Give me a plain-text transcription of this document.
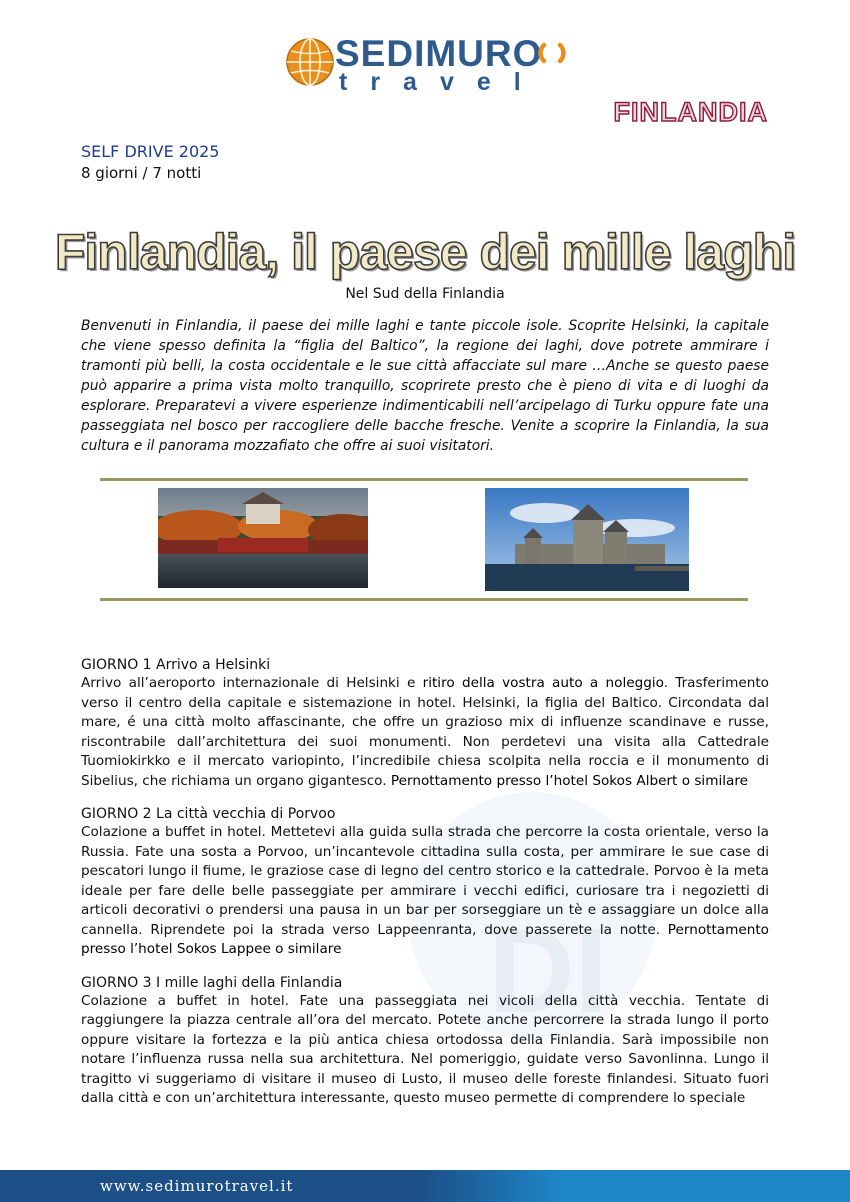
SEDIMURO
travel
FINLANDIA
SELF DRIVE 2025
8 giorni / 7 notti
Finlandia, il paese dei mille laghi
Nel Sud della Finlandia

Benvenuti in Finlandia, il paese dei mille laghi e tante piccole isole. Scoprite Helsinki, la capitale che viene spesso definita la “figlia del Baltico”, la regione dei laghi, dove potrete ammirare i tramonti più belli, la costa occidentale e le sue città affacciate sul mare …Anche se questo paese può apparire a prima vista molto tranquillo, scoprirete presto che è pieno di vita e di luoghi da esplorare. Preparatevi a vivere esperienze indimenticabili nell’arcipelago di Turku oppure fate una passeggiata nel bosco per raccogliere delle bacche fresche. Venite a scoprire la Finlandia, la sua cultura e il panorama mozzafiato che offre ai suoi visitatori.

DI
GIORNO 1 Arrivo a Helsinki

Arrivo all’aeroporto internazionale di Helsinki e ritiro della vostra auto a noleggio. Trasferimento verso il centro della capitale e sistemazione in hotel. Helsinki, la figlia del Baltico. Circondata dal mare, é una città molto affascinante, che offre un grazioso mix di influenze scandinave e russe, riscontrabile dall’architettura dei suoi monumenti. Non perdetevi una visita alla Cattedrale Tuomiokirkko e il mercato variopinto, l’incredibile chiesa scolpita nella roccia e il monumento di Sibelius, che richiama un organo gigantesco. Pernottamento presso l’hotel Sokos Albert o similare

GIORNO 2 La città vecchia di Porvoo

Colazione a buffet in hotel. Mettetevi alla guida sulla strada che percorre la costa orientale, verso la Russia. Fate una sosta a Porvoo, un’incantevole cittadina sulla costa, per ammirare le sue case di pescatori lungo il fiume, le graziose case di legno del centro storico e la cattedrale. Porvoo è la meta ideale per fare delle belle passeggiate per ammirare i vecchi edifici, curiosare tra i negozietti di articoli decorativi o prendersi una pausa in un bar per sorseggiare un tè e assaggiare un dolce alla cannella. Riprendete poi la strada verso Lappeenranta, dove passerete la notte. Pernottamento presso l’hotel Sokos Lappee o similare

GIORNO 3 I mille laghi della Finlandia

Colazione a buffet in hotel. Fate una passeggiata nei vicoli della città vecchia. Tentate di raggiungere la piazza centrale all’ora del mercato. Potete anche percorrere la strada lungo il porto oppure visitare la fortezza e la più antica chiesa ortodossa della Finlandia. Sarà impossibile non notare l’influenza russa nella sua architettura. Nel pomeriggio, guidate verso Savonlinna. Lungo il tragitto vi suggeriamo di visitare il museo di Lusto, il museo delle foreste finlandesi. Situato fuori dalla città e con un’architettura interessante, questo museo permette di comprendere lo speciale

www.sedimurotravel.it
